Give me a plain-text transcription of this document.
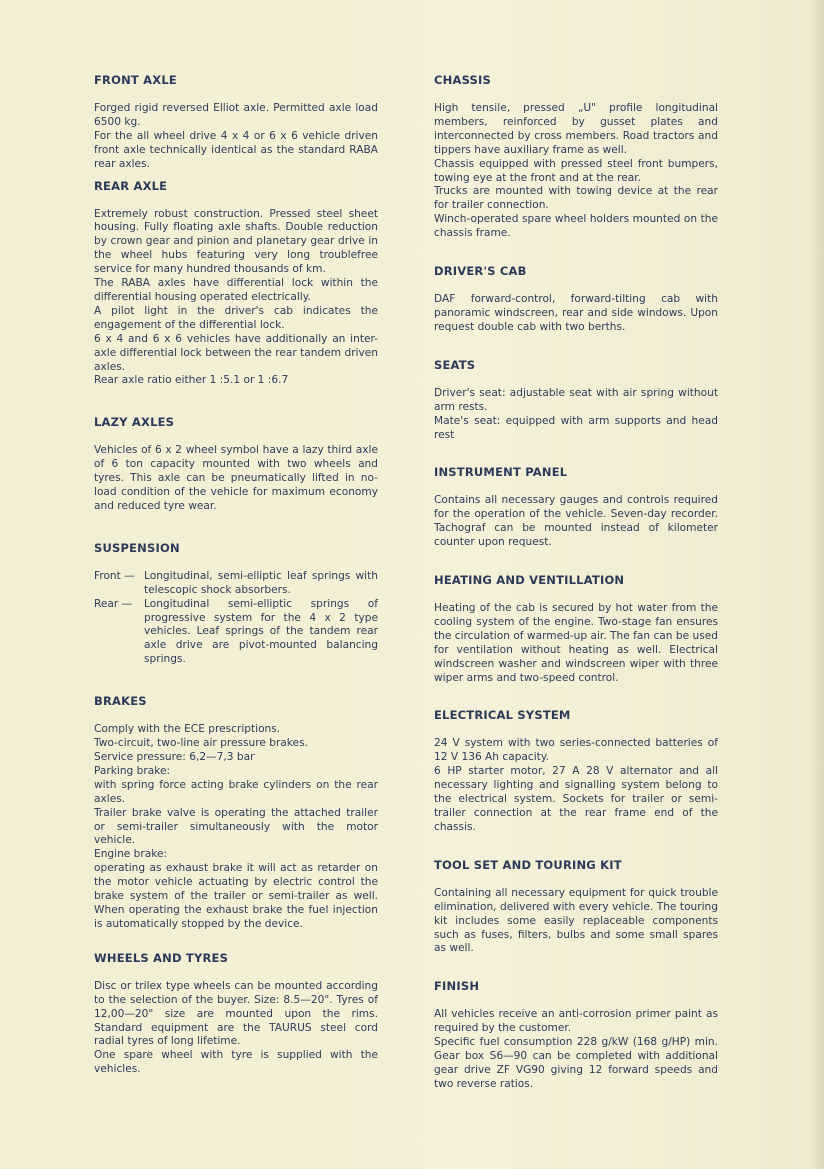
FRONT AXLE

Forged rigid reversed Elliot axle. Permitted axle load 6500 kg.

For the all wheel drive 4 x 4 or 6 x 6 vehicle driven front axle technically identical as the standard RABA rear axles.

REAR AXLE

Extremely robust construction. Pressed steel sheet housing. Fully floating axle shafts. Double reduction by crown gear and pinion and planetary gear drive in the wheel hubs featuring very long troublefree service for many hundred thousands of km.

The RABA axles have differential lock within the differential housing operated electrically.

A pilot light in the driver's cab indicates the engagement of the differential lock.

6 x 4 and 6 x 6 vehicles have additionally an inter-axle differential lock between the rear tandem driven axles.

Rear axle ratio either 1 :5.1 or 1 :6.7

LAZY AXLES

Vehicles of 6 x 2 wheel symbol have a lazy third axle of 6 ton capacity mounted with two wheels and tyres. This axle can be pneumatically lifted in no-load condition of the vehicle for maximum economy and reduced tyre wear.

SUSPENSION
Front — Longitudinal, semi-elliptic leaf springs with telescopic shock absorbers.
Rear —	Longitudinal semi-elliptic springs of progressive system for the 4 x 2 type vehicles. Leaf springs of the tandem rear axle drive are pivot-mounted balancing springs.
BRAKES

Comply with the ECE prescriptions.

Two-circuit, two-line air pressure brakes.

Service pressure: 6,2—7,3 bar

Parking brake:

with spring force acting brake cylinders on the rear axles.

Trailer brake valve is operating the attached trailer or semi-trailer simultaneously with the motor vehicle.

Engine brake:

operating as exhaust brake it will act as retarder on the motor vehicle actuating by electric control the brake system of the trailer or semi-trailer as well. When operating the exhaust brake the fuel injection is automatically stopped by the device.

WHEELS AND TYRES

Disc or trilex type wheels can be mounted according to the selection of the buyer. Size: 8.5—20". Tyres of 12,00—20" size are mounted upon the rims. Standard equipment are the TAURUS steel cord radial tyres of long lifetime.

One spare wheel with tyre is supplied with the vehicles.

CHASSIS

High tensile, pressed „U" profile longitudinal members, reinforced by gusset plates and interconnected by cross members. Road tractors and tippers have auxiliary frame as well.

Chassis equipped with pressed steel front bumpers, towing eye at the front and at the rear.

Trucks are mounted with towing device at the rear for trailer connection.

Winch-operated spare wheel holders mounted on the chassis frame.

DRIVER'S CAB

DAF forward-control, forward-tilting cab with panoramic windscreen, rear and side windows. Upon request double cab with two berths.

SEATS

Driver's seat: adjustable seat with air spring without arm rests.

Mate's seat: equipped with arm supports and head rest

INSTRUMENT PANEL

Contains all necessary gauges and controls required for the operation of the vehicle. Seven-day recorder. Tachograf can be mounted instead of kilometer counter upon request.

HEATING AND VENTILLATION

Heating of the cab is secured by hot water from the cooling system of the engine. Two-stage fan ensures the circulation of warmed-up air. The fan can be used for ventilation without heating as well. Electrical windscreen washer and windscreen wiper with three wiper arms and two-speed control.

ELECTRICAL SYSTEM

24 V system with two series-connected batteries of 12 V 136 Ah capacity.

6 HP starter motor, 27 A 28 V alternator and all necessary lighting and signalling system belong to the electrical system. Sockets for trailer or semi-trailer connection at the rear frame end of the chassis.

TOOL SET AND TOURING KIT

Containing all necessary equipment for quick trouble elimination, delivered with every vehicle. The touring kit includes some easily replaceable components such as fuses, filters, bulbs and some small spares as well.

FINISH

All vehicles receive an anti-corrosion primer paint as required by the customer.

Specific fuel consumption 228 g/kW (168 g/HP) min. Gear box S6—90 can be completed with additional gear drive ZF VG90 giving 12 forward speeds and two reverse ratios.
